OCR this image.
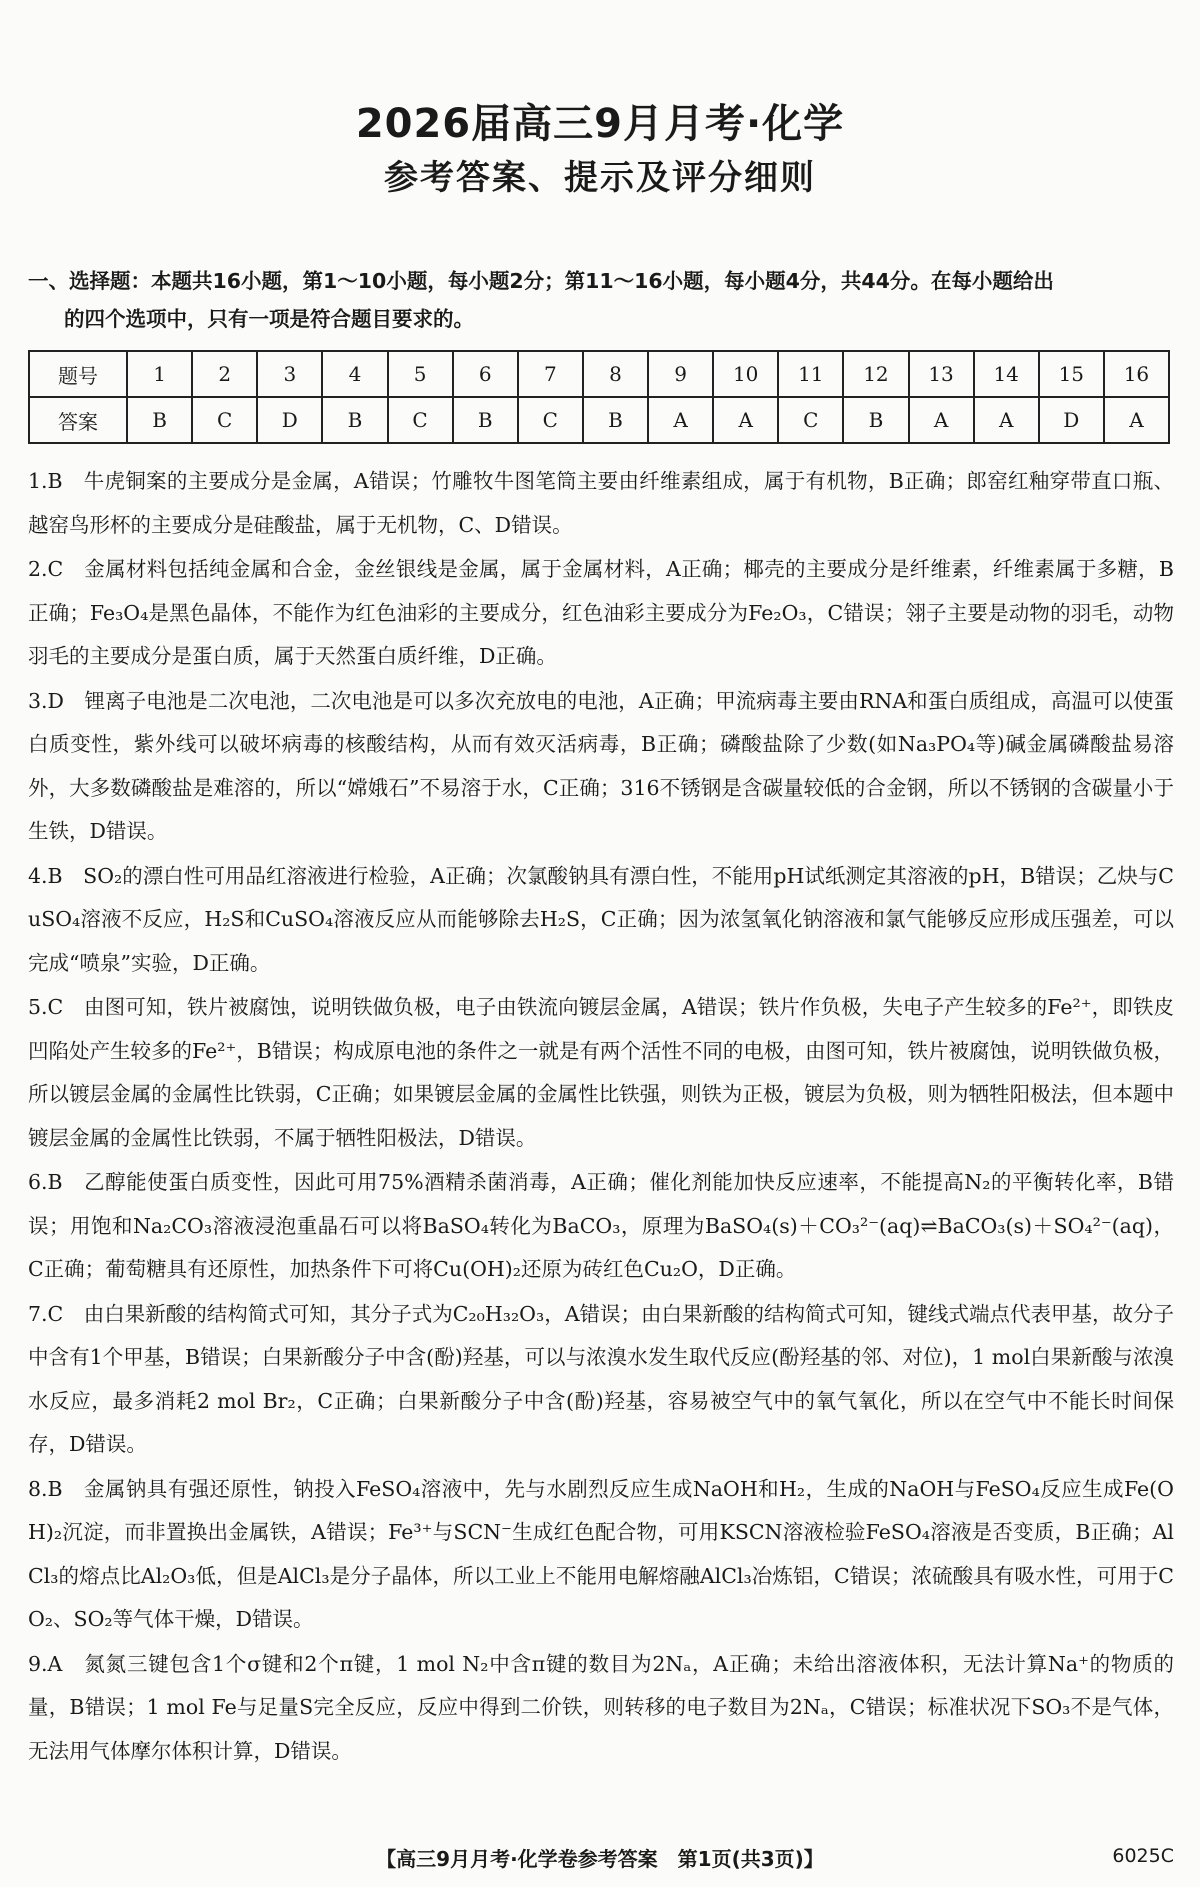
2026届高三9月月考·化学
参考答案、提示及评分细则
一、选择题：本题共16小题，第1～10小题，每小题2分；第11～16小题，每小题4分，共44分。在每小题给出
的四个选项中，只有一项是符合题目要求的。
题号	1	2	3	4	5	6	7	8	9	10	11	12	13	14	15	16
答案	B	C	D	B	C	B	C	B	A	A	C	B	A	A	D	A

1.B　牛虎铜案的主要成分是金属，A错误；竹雕牧牛图笔筒主要由纤维素组成，属于有机物，B正确；郎窑红釉穿带直口瓶、越窑鸟形杯的主要成分是硅酸盐，属于无机物，C、D错误。

2.C　金属材料包括纯金属和合金，金丝银线是金属，属于金属材料，A正确；椰壳的主要成分是纤维素，纤维素属于多糖，B正确；Fe₃O₄是黑色晶体，不能作为红色油彩的主要成分，红色油彩主要成分为Fe₂O₃，C错误；翎子主要是动物的羽毛，动物羽毛的主要成分是蛋白质，属于天然蛋白质纤维，D正确。

3.D　锂离子电池是二次电池，二次电池是可以多次充放电的电池，A正确；甲流病毒主要由RNA和蛋白质组成，高温可以使蛋白质变性，紫外线可以破坏病毒的核酸结构，从而有效灭活病毒，B正确；磷酸盐除了少数(如Na₃PO₄等)碱金属磷酸盐易溶外，大多数磷酸盐是难溶的，所以“嫦娥石”不易溶于水，C正确；316不锈钢是含碳量较低的合金钢，所以不锈钢的含碳量小于生铁，D错误。

4.B　SO₂的漂白性可用品红溶液进行检验，A正确；次氯酸钠具有漂白性，不能用pH试纸测定其溶液的pH，B错误；乙炔与CuSO₄溶液不反应，H₂S和CuSO₄溶液反应从而能够除去H₂S，C正确；因为浓氢氧化钠溶液和氯气能够反应形成压强差，可以完成“喷泉”实验，D正确。

5.C　由图可知，铁片被腐蚀，说明铁做负极，电子由铁流向镀层金属，A错误；铁片作负极，失电子产生较多的Fe²⁺，即铁皮凹陷处产生较多的Fe²⁺，B错误；构成原电池的条件之一就是有两个活性不同的电极，由图可知，铁片被腐蚀，说明铁做负极，所以镀层金属的金属性比铁弱，C正确；如果镀层金属的金属性比铁强，则铁为正极，镀层为负极，则为牺牲阳极法，但本题中镀层金属的金属性比铁弱，不属于牺牲阳极法，D错误。

6.B　乙醇能使蛋白质变性，因此可用75%酒精杀菌消毒，A正确；催化剂能加快反应速率，不能提高N₂的平衡转化率，B错误；用饱和Na₂CO₃溶液浸泡重晶石可以将BaSO₄转化为BaCO₃，原理为BaSO₄(s)＋CO₃²⁻(aq)⇌BaCO₃(s)＋SO₄²⁻(aq)，C正确；葡萄糖具有还原性，加热条件下可将Cu(OH)₂还原为砖红色Cu₂O，D正确。

7.C　由白果新酸的结构简式可知，其分子式为C₂₀H₃₂O₃，A错误；由白果新酸的结构简式可知，键线式端点代表甲基，故分子中含有1个甲基，B错误；白果新酸分子中含(酚)羟基，可以与浓溴水发生取代反应(酚羟基的邻、对位)，1 mol白果新酸与浓溴水反应，最多消耗2 mol Br₂，C正确；白果新酸分子中含(酚)羟基，容易被空气中的氧气氧化，所以在空气中不能长时间保存，D错误。

8.B　金属钠具有强还原性，钠投入FeSO₄溶液中，先与水剧烈反应生成NaOH和H₂，生成的NaOH与FeSO₄反应生成Fe(OH)₂沉淀，而非置换出金属铁，A错误；Fe³⁺与SCN⁻生成红色配合物，可用KSCN溶液检验FeSO₄溶液是否变质，B正确；AlCl₃的熔点比Al₂O₃低，但是AlCl₃是分子晶体，所以工业上不能用电解熔融AlCl₃冶炼铝，C错误；浓硫酸具有吸水性，可用于CO₂、SO₂等气体干燥，D错误。

9.A　氮氮三键包含1个σ键和2个π键，1 mol N₂中含π键的数目为2Nₐ，A正确；未给出溶液体积，无法计算Na⁺的物质的量，B错误；1 mol Fe与足量S完全反应，反应中得到二价铁，则转移的电子数目为2Nₐ，C错误；标准状况下SO₃不是气体，无法用气体摩尔体积计算，D错误。

【高三9月月考·化学卷参考答案　第1页(共3页)】	6025C
